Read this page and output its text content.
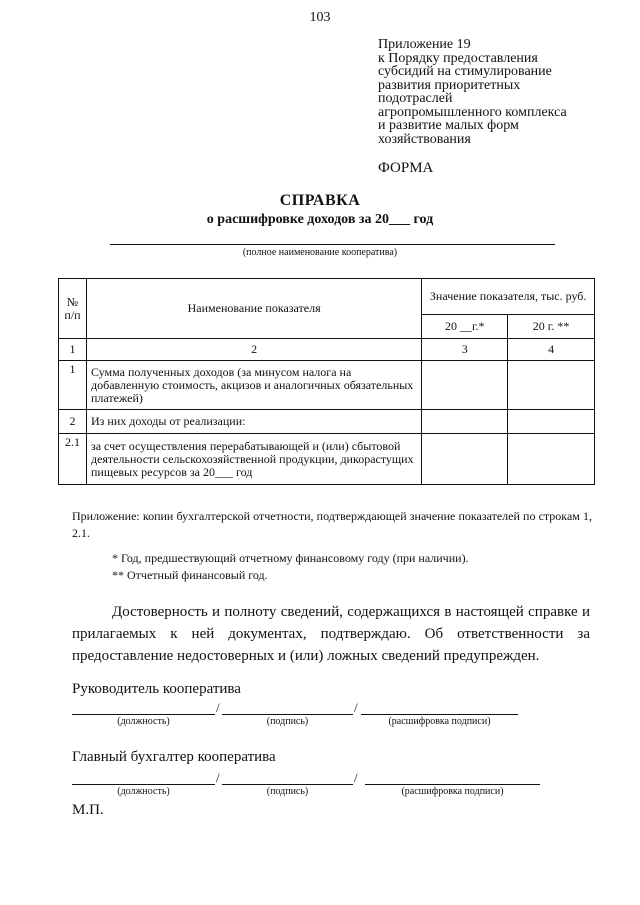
103
Приложение 19
к Порядку предоставления
субсидий на стимулирование
развития приоритетных
подотраслей
агропромышленного комплекса
и развитие малых форм
хозяйствования
ФОРМА
СПРАВКА
о расшифровке доходов за 20___ год
(полное наименование кооператива)
№ п/п	Наименование показателя	Значение показателя, тыс. руб.	
		20 __г.*	20 г. **
1	2	3	4
1	Сумма полученных доходов (за минусом налога на добавленную стоимость, акцизов и аналогичных обязательных платежей)		
2	Из них доходы от реализации:		
2.1	за счет осуществления перерабатывающей и (или) сбытовой деятельности сельскохозяйственной продукции, дикорастущих пищевых ресурсов за 20___ год		
Приложение: копии бухгалтерской отчетности, подтверждающей значение показателей по строкам 1, 2.1.
* Год, предшествующий отчетному финансовому году (при наличии).
** Отчетный финансовый год.
Достоверность и полноту сведений, содержащихся в настоящей справке и прилагаемых к ней документах, подтверждаю. Об ответственности за предоставление недостоверных и (или) ложных сведений предупрежден.
Руководитель кооператива
/	/
(должность)	(подпись)	(расшифровка подписи)
Главный бухгалтер кооператива
/	/
(должность)	(подпись)	(расшифровка подписи)
М.П.
